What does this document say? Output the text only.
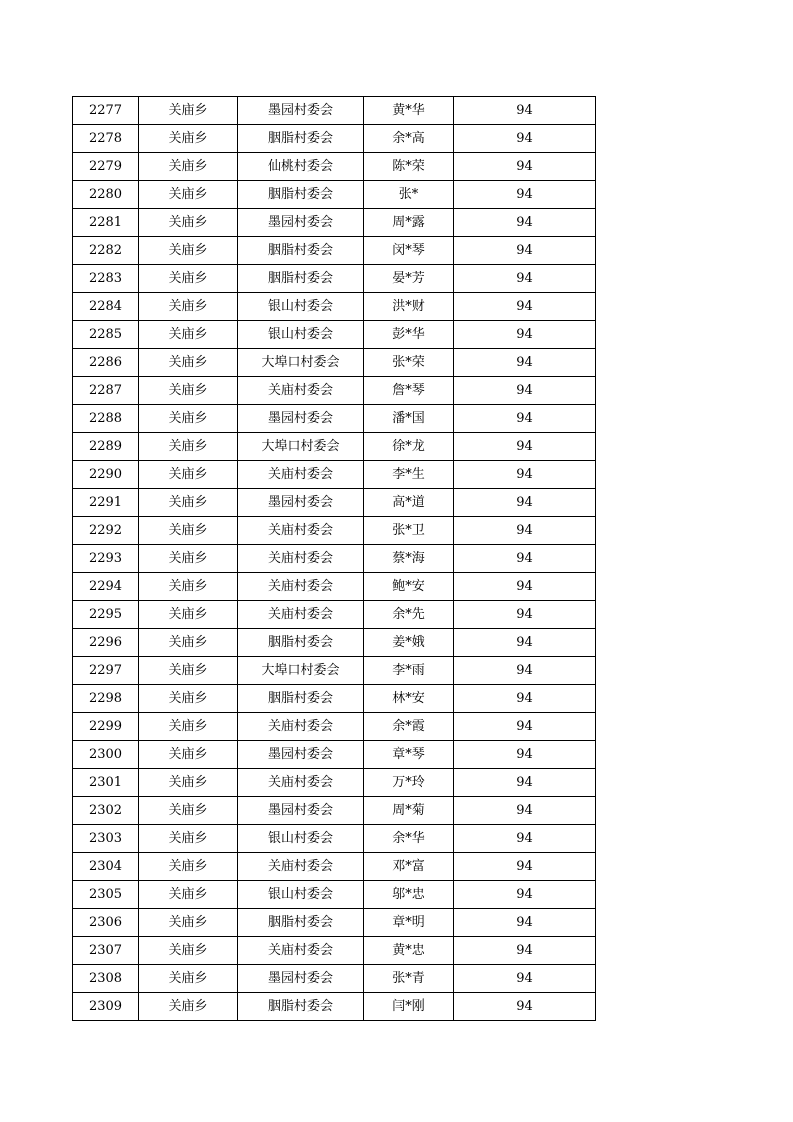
2277	关庙乡	墨园村委会	黄*华	94
2278	关庙乡	胭脂村委会	余*高	94
2279	关庙乡	仙桃村委会	陈*荣	94
2280	关庙乡	胭脂村委会	张*	94
2281	关庙乡	墨园村委会	周*露	94
2282	关庙乡	胭脂村委会	闵*琴	94
2283	关庙乡	胭脂村委会	晏*芳	94
2284	关庙乡	银山村委会	洪*财	94
2285	关庙乡	银山村委会	彭*华	94
2286	关庙乡	大埠口村委会	张*荣	94
2287	关庙乡	关庙村委会	詹*琴	94
2288	关庙乡	墨园村委会	潘*国	94
2289	关庙乡	大埠口村委会	徐*龙	94
2290	关庙乡	关庙村委会	李*生	94
2291	关庙乡	墨园村委会	高*道	94
2292	关庙乡	关庙村委会	张*卫	94
2293	关庙乡	关庙村委会	蔡*海	94
2294	关庙乡	关庙村委会	鲍*安	94
2295	关庙乡	关庙村委会	余*先	94
2296	关庙乡	胭脂村委会	姜*娥	94
2297	关庙乡	大埠口村委会	李*雨	94
2298	关庙乡	胭脂村委会	林*安	94
2299	关庙乡	关庙村委会	余*霞	94
2300	关庙乡	墨园村委会	章*琴	94
2301	关庙乡	关庙村委会	万*玲	94
2302	关庙乡	墨园村委会	周*菊	94
2303	关庙乡	银山村委会	余*华	94
2304	关庙乡	关庙村委会	邓*富	94
2305	关庙乡	银山村委会	邬*忠	94
2306	关庙乡	胭脂村委会	章*明	94
2307	关庙乡	关庙村委会	黄*忠	94
2308	关庙乡	墨园村委会	张*青	94
2309	关庙乡	胭脂村委会	闫*刚	94
